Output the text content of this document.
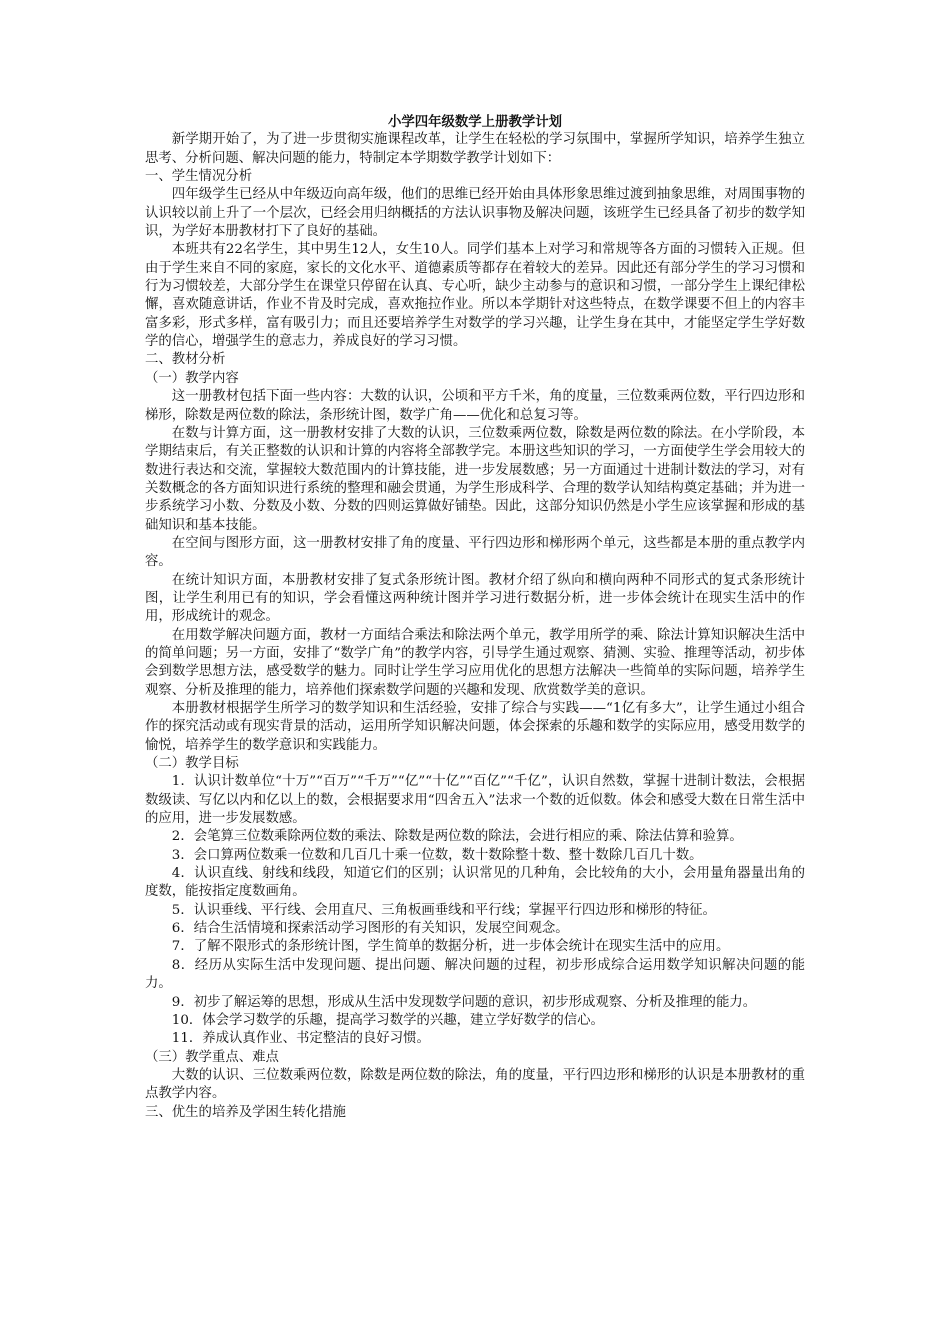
小学四年级数学上册教学计划

新学期开始了，为了进一步贯彻实施课程改革，让学生在轻松的学习氛围中，掌握所学知识，培养学生独立思考、分析问题、解决问题的能力，特制定本学期数学教学计划如下：

一、学生情况分析

四年级学生已经从中年级迈向高年级，他们的思维已经开始由具体形象思维过渡到抽象思维，对周围事物的认识较以前上升了一个层次，已经会用归纳概括的方法认识事物及解决问题，该班学生已经具备了初步的数学知识，为学好本册教材打下了良好的基础。

本班共有22名学生，其中男生12人，女生10人。同学们基本上对学习和常规等各方面的习惯转入正规。但由于学生来自不同的家庭，家长的文化水平、道德素质等都存在着较大的差异。因此还有部分学生的学习习惯和行为习惯较差，大部分学生在课堂只停留在认真、专心听，缺少主动参与的意识和习惯，一部分学生上课纪律松懈，喜欢随意讲话，作业不肯及时完成，喜欢拖拉作业。所以本学期针对这些特点，在数学课要不但上的内容丰富多彩，形式多样，富有吸引力；而且还要培养学生对数学的学习兴趣，让学生身在其中，才能坚定学生学好数学的信心，增强学生的意志力，养成良好的学习习惯。

二、教材分析

（一）教学内容

这一册教材包括下面一些内容：大数的认识，公顷和平方千米，角的度量，三位数乘两位数，平行四边形和梯形，除数是两位数的除法，条形统计图，数学广角——优化和总复习等。

在数与计算方面，这一册教材安排了大数的认识，三位数乘两位数，除数是两位数的除法。在小学阶段，本学期结束后，有关正整数的认识和计算的内容将全部教学完。本册这些知识的学习，一方面使学生学会用较大的数进行表达和交流，掌握较大数范围内的计算技能，进一步发展数感；另一方面通过十进制计数法的学习，对有关数概念的各方面知识进行系统的整理和融会贯通，为学生形成科学、合理的数学认知结构奠定基础；并为进一步系统学习小数、分数及小数、分数的四则运算做好铺垫。因此，这部分知识仍然是小学生应该掌握和形成的基础知识和基本技能。

在空间与图形方面，这一册教材安排了角的度量、平行四边形和梯形两个单元，这些都是本册的重点教学内容。

在统计知识方面，本册教材安排了复式条形统计图。教材介绍了纵向和横向两种不同形式的复式条形统计图，让学生利用已有的知识，学会看懂这两种统计图并学习进行数据分析，进一步体会统计在现实生活中的作用，形成统计的观念。

在用数学解决问题方面，教材一方面结合乘法和除法两个单元，教学用所学的乘、除法计算知识解决生活中的简单问题；另一方面，安排了“数学广角”的教学内容，引导学生通过观察、猜测、实验、推理等活动，初步体会到数学思想方法，感受数学的魅力。同时让学生学习应用优化的思想方法解决一些简单的实际问题，培养学生观察、分析及推理的能力，培养他们探索数学问题的兴趣和发现、欣赏数学美的意识。

本册教材根据学生所学习的数学知识和生活经验，安排了综合与实践——“1亿有多大”，让学生通过小组合作的探究活动或有现实背景的活动，运用所学知识解决问题，体会探索的乐趣和数学的实际应用，感受用数学的愉悦，培养学生的数学意识和实践能力。

（二）教学目标

1．认识计数单位“十万”“百万”“千万”“亿”“十亿”“百亿”“千亿”，认识自然数，掌握十进制计数法，会根据数级读、写亿以内和亿以上的数，会根据要求用“四舍五入”法求一个数的近似数。体会和感受大数在日常生活中的应用，进一步发展数感。

2．会笔算三位数乘除两位数的乘法、除数是两位数的除法，会进行相应的乘、除法估算和验算。

3．会口算两位数乘一位数和几百几十乘一位数，数十数除整十数、整十数除几百几十数。

4．认识直线、射线和线段，知道它们的区别；认识常见的几种角，会比较角的大小，会用量角器量出角的度数，能按指定度数画角。

5．认识垂线、平行线、会用直尺、三角板画垂线和平行线；掌握平行四边形和梯形的特征。

6．结合生活情境和探索活动学习图形的有关知识，发展空间观念。

7．了解不限形式的条形统计图，学生简单的数据分析，进一步体会统计在现实生活中的应用。

8．经历从实际生活中发现问题、提出问题、解决问题的过程，初步形成综合运用数学知识解决问题的能力。

9．初步了解运筹的思想，形成从生活中发现数学问题的意识，初步形成观察、分析及推理的能力。

10．体会学习数学的乐趣，提高学习数学的兴趣，建立学好数学的信心。

11．养成认真作业、书定整洁的良好习惯。

（三）教学重点、难点

大数的认识、三位数乘两位数，除数是两位数的除法，角的度量，平行四边形和梯形的认识是本册教材的重点教学内容。

三、优生的培养及学困生转化措施
